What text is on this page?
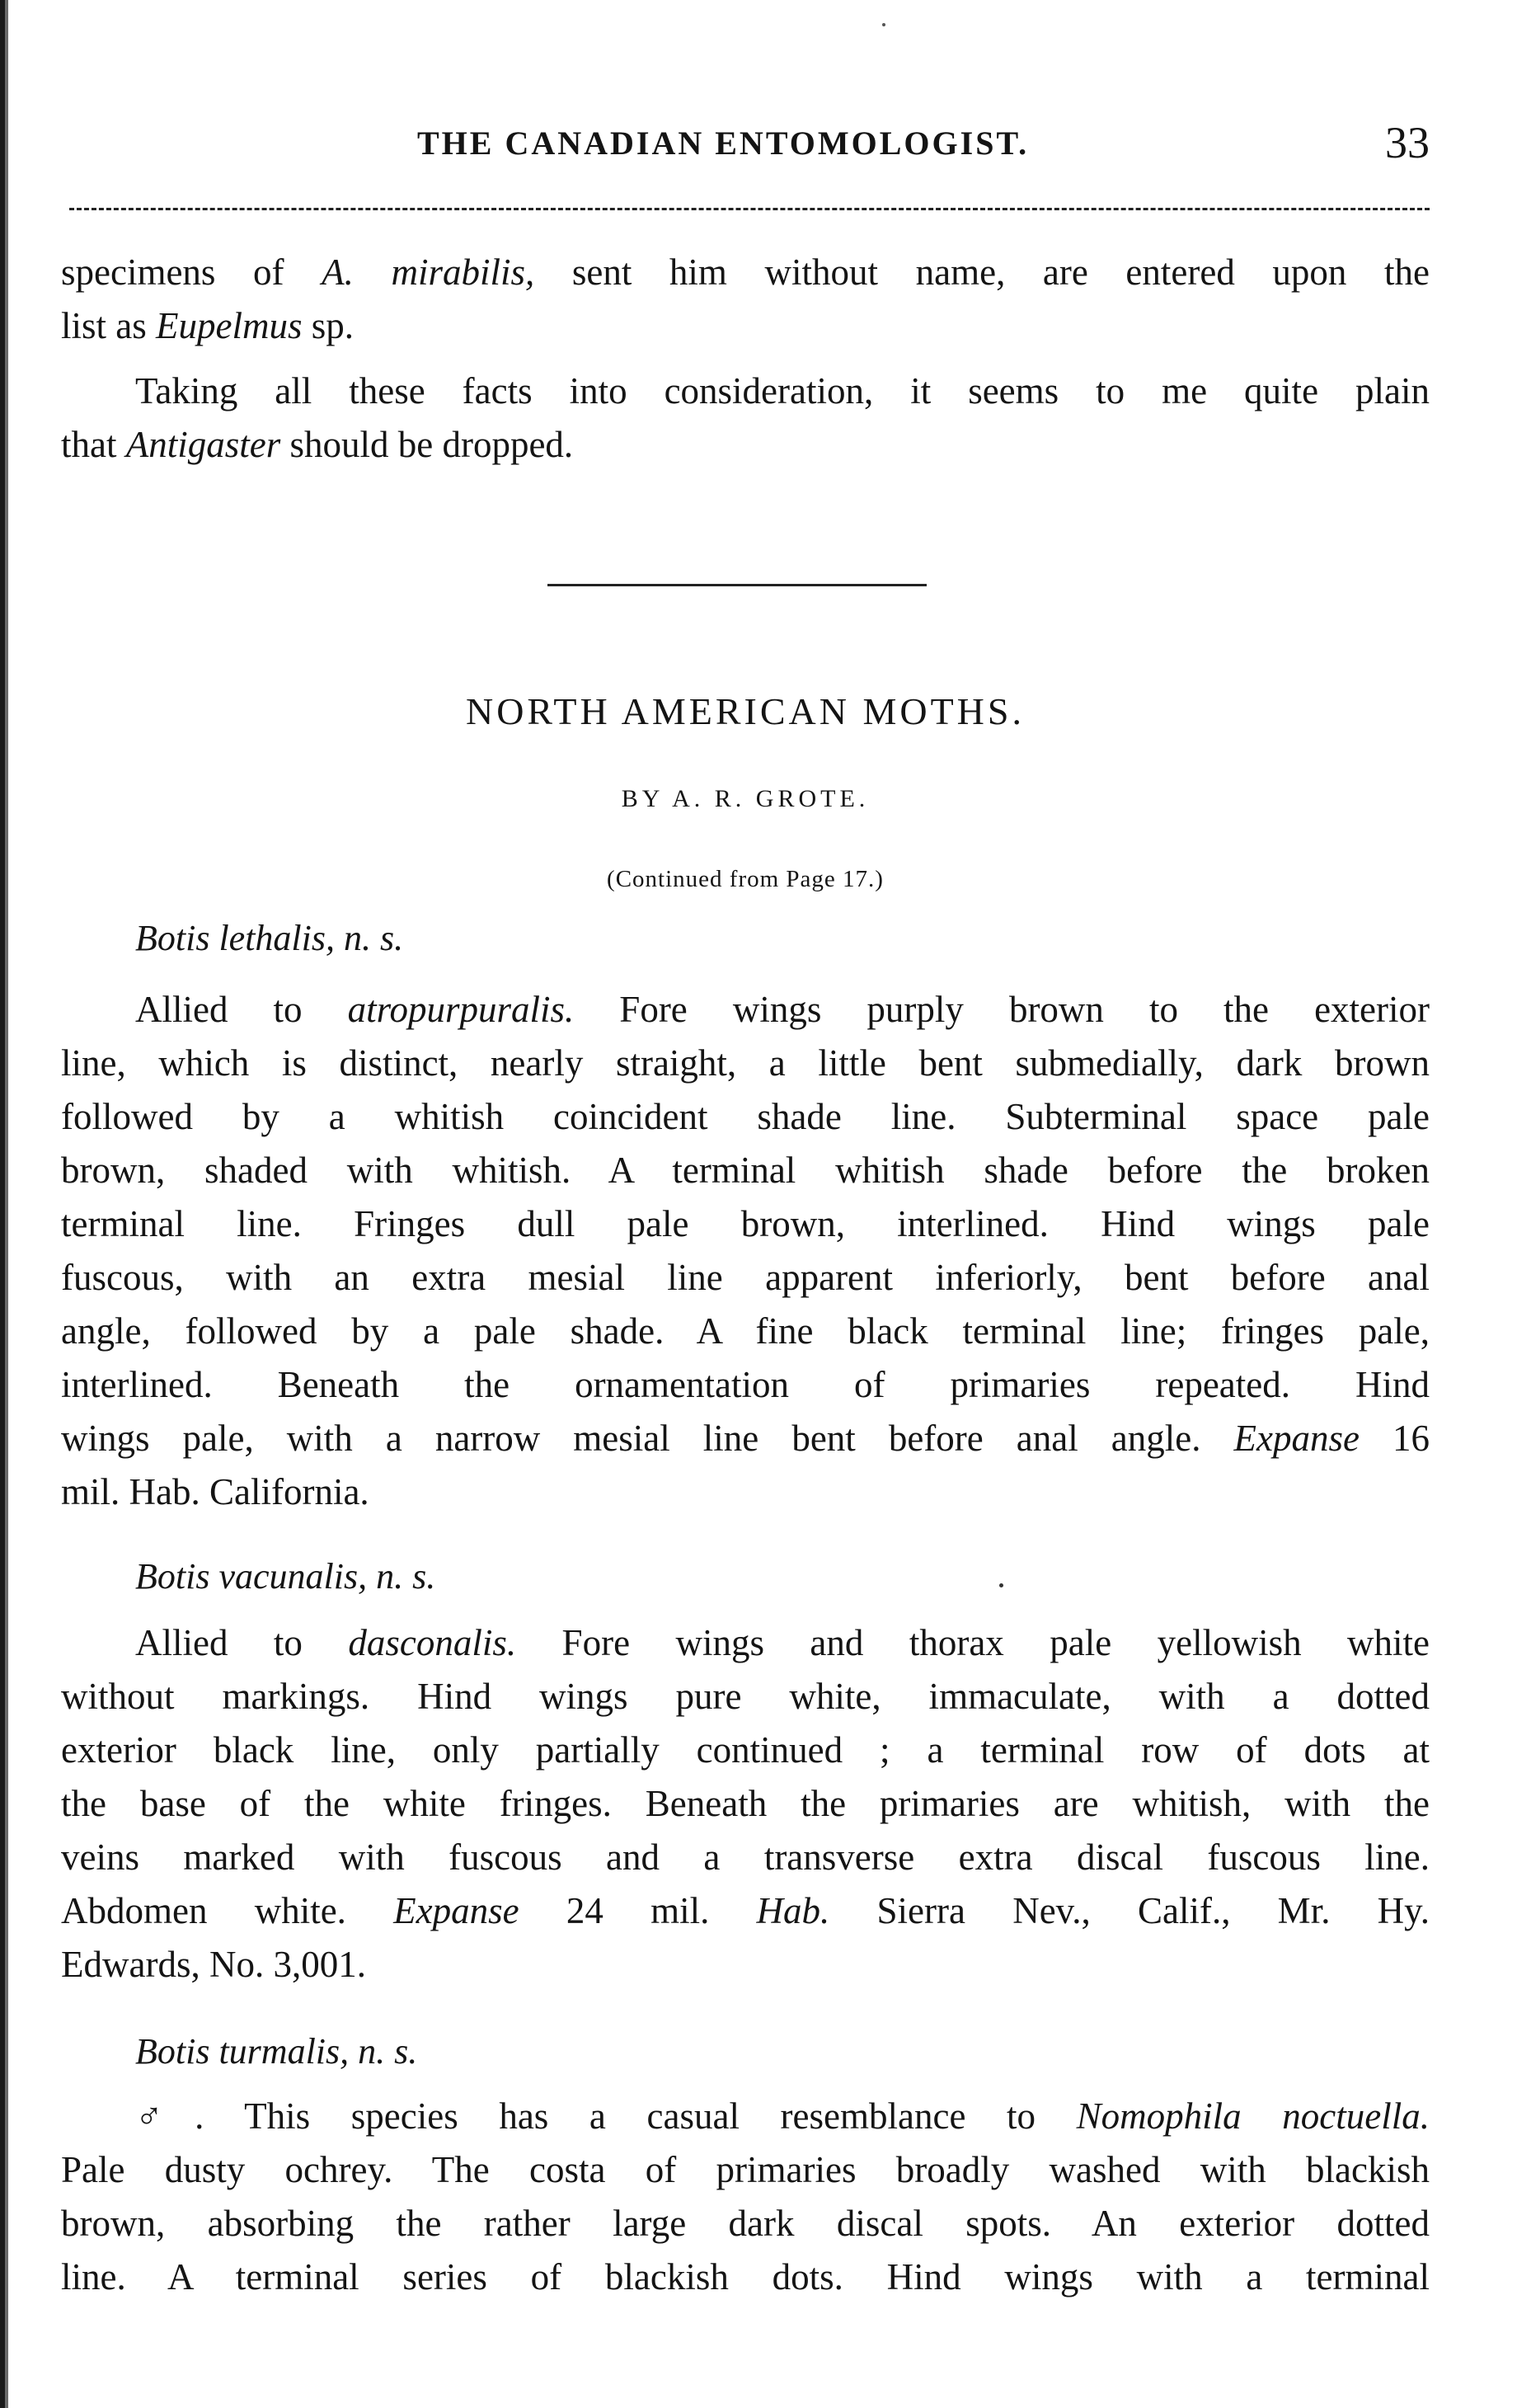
THE CANADIAN ENTOMOLOGIST.	33
specimens of A. mirabilis, sent him without name, are entered upon the
list as Eupelmus sp.
Taking all these facts into consideration, it seems to me quite plain
that Antigaster should be dropped.
NORTH AMERICAN MOTHS.
BY A. R. GROTE.
(Continued from Page 17.)
Botis lethalis, n. s.
Allied to atropurpuralis. Fore wings purply brown to the exterior
line, which is distinct, nearly straight, a little bent submedially, dark brown
followed by a whitish coincident shade line. Subterminal space pale
brown, shaded with whitish. A terminal whitish shade before the broken
terminal line. Fringes dull pale brown, interlined. Hind wings pale
fuscous, with an extra mesial line apparent inferiorly, bent before anal
angle, followed by a pale shade. A fine black terminal line; fringes pale,
interlined. Beneath the ornamentation of primaries repeated. Hind
wings pale, with a narrow mesial line bent before anal angle. Expanse 16
mil. Hab. California.
Botis vacunalis, n. s.
Allied to dasconalis. Fore wings and thorax pale yellowish white
without markings. Hind wings pure white, immaculate, with a dotted
exterior black line, only partially continued ; a terminal row of dots at
the base of the white fringes. Beneath the primaries are whitish, with the
veins marked with fuscous and a transverse extra discal fuscous line.
Abdomen white. Expanse 24 mil. Hab. Sierra Nev., Calif., Mr. Hy.
Edwards, No. 3,001.
Botis turmalis, n. s.
♂. This species has a casual resemblance to Nomophila noctuella.
Pale dusty ochrey. The costa of primaries broadly washed with blackish
brown, absorbing the rather large dark discal spots. An exterior dotted
line. A terminal series of blackish dots. Hind wings with a terminal
